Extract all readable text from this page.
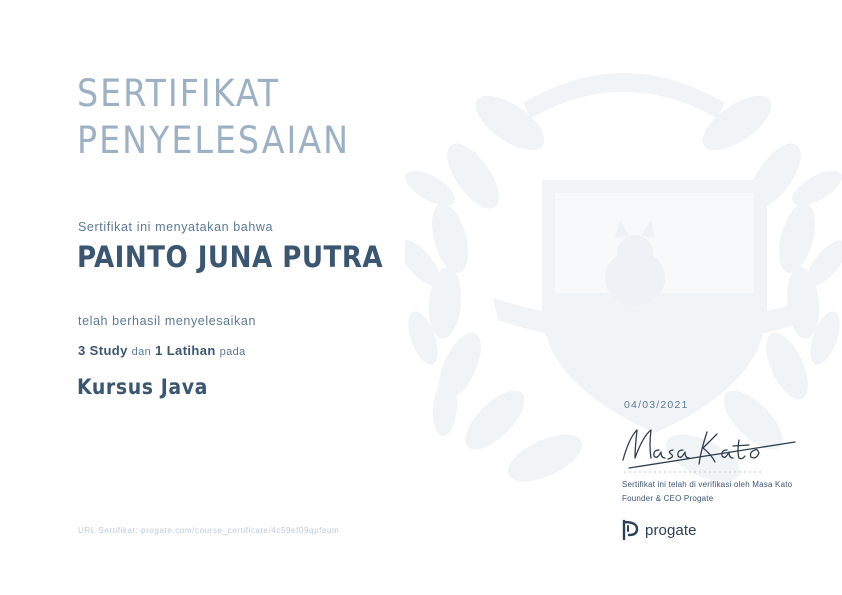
SERTIFIKAT
PENYELESAIAN

Sertifikat ini menyatakan bahwa

PAINTO JUNA PUTRA

telah berhasil menyelesaikan

3 Study dan 1 Latihan pada

Kursus Java

URL Sertifikat: progate.com/course_certificate/4c59ef09qpfeum

04/03/2021

Sertifikat ini telah di verifikasi oleh Masa Kato

Founder & CEO Progate

progate
